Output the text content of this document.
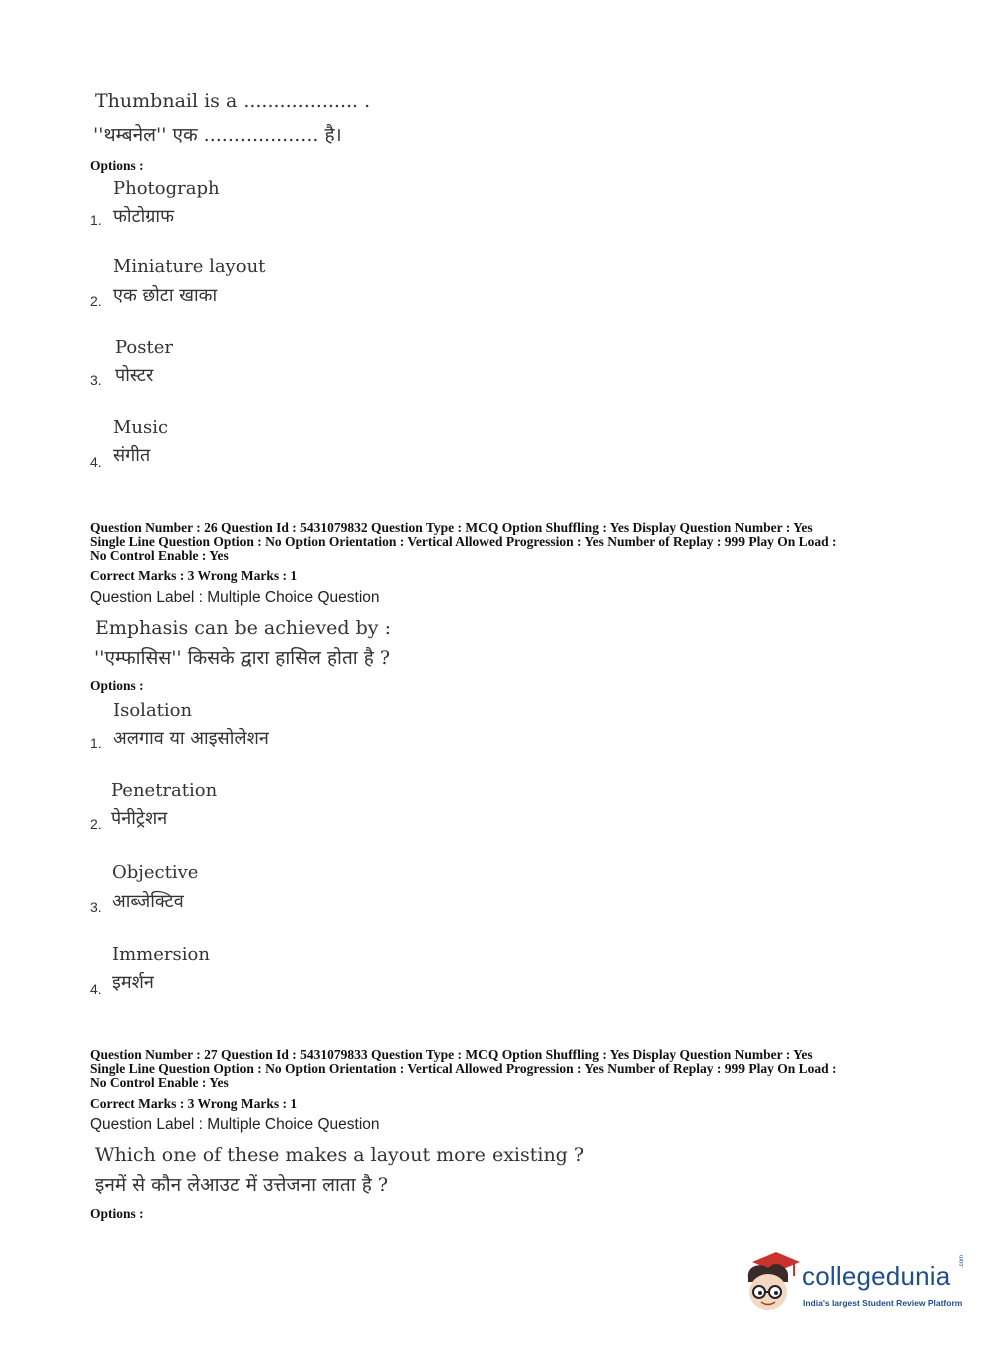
Thumbnail is a ................... .
''थम्बनेल'' एक ................... है।
Options :
Photograph
फोटोग्राफ
1.
Miniature layout
एक छोटा खाका
2.
Poster
पोस्टर
3.
Music
संगीत
4.
Question Number : 26 Question Id : 5431079832 Question Type : MCQ Option Shuffling : Yes Display Question Number : Yes
Single Line Question Option : No Option Orientation : Vertical Allowed Progression : Yes Number of Replay : 999 Play On Load :
No Control Enable : Yes
Correct Marks : 3 Wrong Marks : 1
Question Label : Multiple Choice Question
Emphasis can be achieved by :
''एम्फासिस'' किसके द्वारा हासिल होता है ?
Options :
Isolation
अलगाव या आइसोलेशन
1.
Penetration
पेनीट्रेशन
2.
Objective
आब्जेक्टिव
3.
Immersion
इमर्शन
4.
Question Number : 27 Question Id : 5431079833 Question Type : MCQ Option Shuffling : Yes Display Question Number : Yes
Single Line Question Option : No Option Orientation : Vertical Allowed Progression : Yes Number of Replay : 999 Play On Load :
No Control Enable : Yes
Correct Marks : 3 Wrong Marks : 1
Question Label : Multiple Choice Question
Which one of these makes a layout more existing ?
इनमें से कौन लेआउट में उत्तेजना लाता है ?
Options :
collegedunia .com
India's largest Student Review Platform
